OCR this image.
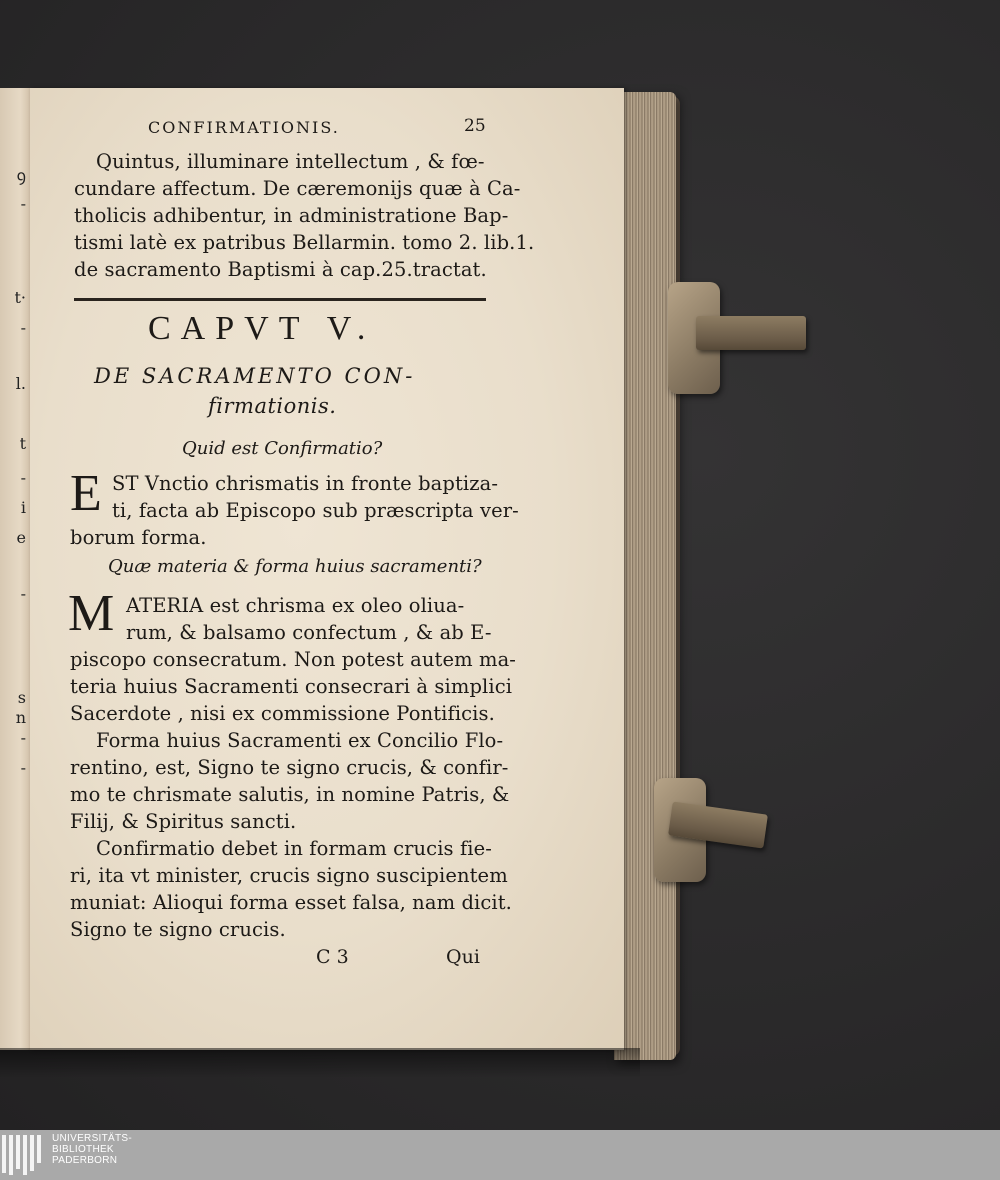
ꝯ
-
t·
-
l.
t
-
i
e
-
s
n
-
-
CONFIRMATIONIS.	25
Quintus, illuminare intellectum , & fœ-
cundare affectum. De cæremonijs quæ à Ca-
tholicis adhibentur, in administratione Bap-
tismi latè ex patribus Bellarmin. tomo 2. lib.1.
de sacramento Baptismi à cap.25.tractat.
CAPVT V.
DE SACRAMENTO CON-
firmationis.
Quid est Confirmatio?
E ST Vnctio chrismatis in fronte baptiza-
ti, facta ab Episcopo sub præscripta ver-
borum forma.
Quæ materia & forma huius sacramenti?
M ATERIA est chrisma ex oleo oliua-
rum, & balsamo confectum , & ab E-
piscopo consecratum. Non potest autem ma-
teria huius Sacramenti consecrari à simplici
Sacerdote , nisi ex commissione Pontificis.
Forma huius Sacramenti ex Concilio Flo-
rentino, est, Signo te signo crucis, & confir-
mo te chrismate salutis, in nomine Patris, &
Filij, & Spiritus sancti.
Confirmatio debet in formam crucis fie-
ri, ita vt minister, crucis signo suscipientem
muniat: Alioqui forma esset falsa, nam dicit.
Signo te signo crucis.
C 3	Qui
UNIVERSITÄTS-
BIBLIOTHEK
PADERBORN
